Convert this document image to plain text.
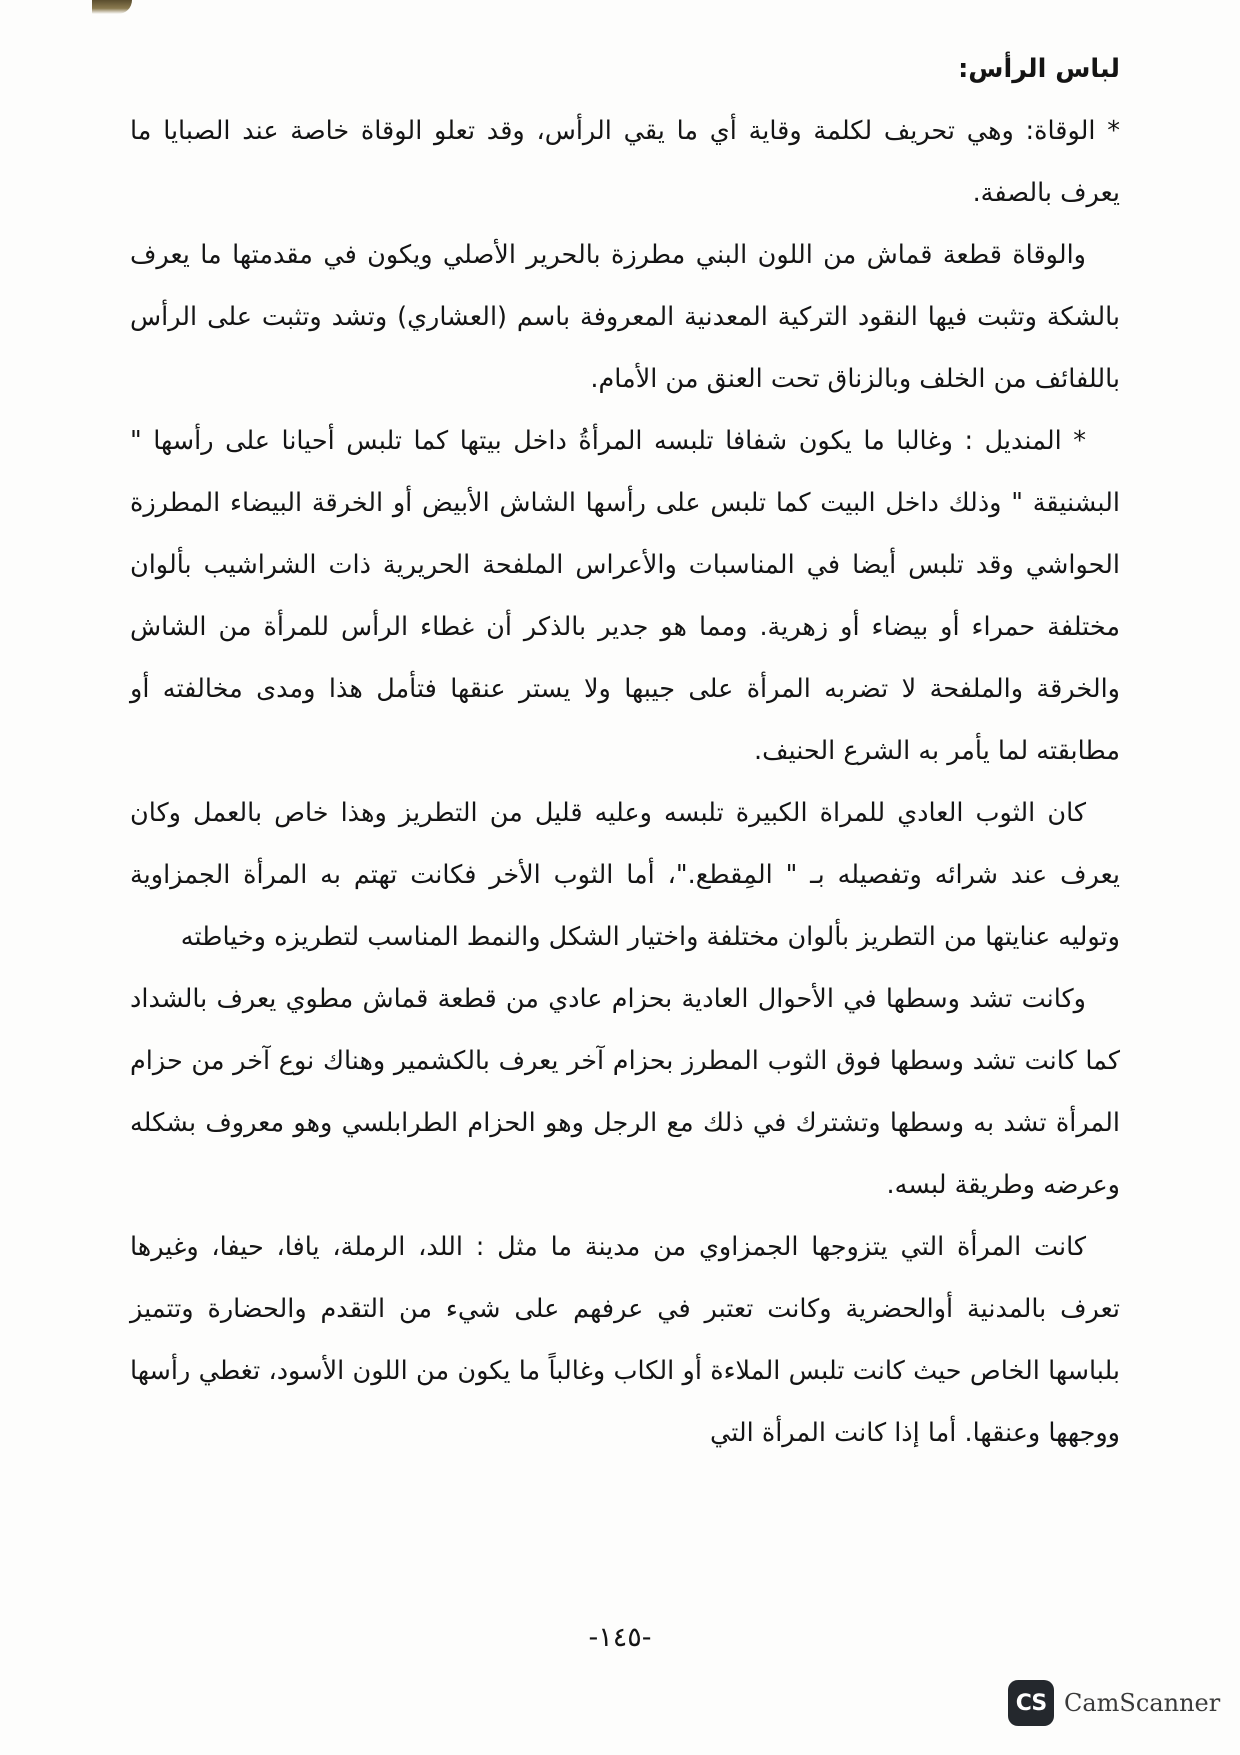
لباس الرأس:

* الوقاة: وهي تحريف لكلمة وقاية أي ما يقي الرأس، وقد تعلو الوقاة خاصة عند الصبايا ما يعرف بالصفة.

والوقاة قطعة قماش من اللون البني مطرزة بالحرير الأصلي ويكون في مقدمتها ما يعرف بالشكة وتثبت فيها النقود التركية المعدنية المعروفة باسم (العشاري) وتشد وتثبت على الرأس باللفائف من الخلف وبالزناق تحت العنق من الأمام.

* المنديل : وغالبا ما يكون شفافا تلبسه المرأةُ داخل بيتها كما تلبس أحيانا على رأسها " البشنيقة " وذلك داخل البيت كما تلبس على رأسها الشاش الأبيض أو الخرقة البيضاء المطرزة الحواشي وقد تلبس أيضا في المناسبات والأعراس الملفحة الحريرية ذات الشراشيب بألوان مختلفة حمراء أو بيضاء أو زهرية. ومما هو جدير بالذكر أن غطاء الرأس للمرأة من الشاش والخرقة والملفحة لا تضربه المرأة على جيبها ولا يستر عنقها فتأمل هذا ومدى مخالفته أو مطابقته لما يأمر به الشرع الحنيف.

كان الثوب العادي للمراة الكبيرة تلبسه وعليه قليل من التطريز وهذا خاص بالعمل وكان يعرف عند شرائه وتفصيله بـ " المِقطع."، أما الثوب الأخر فكانت تهتم به المرأة الجمزاوية وتوليه عنايتها من التطريز بألوان مختلفة واختيار الشكل والنمط المناسب لتطريزه وخياطته

وكانت تشد وسطها في الأحوال العادية بحزام عادي من قطعة قماش مطوي يعرف بالشداد كما كانت تشد وسطها فوق الثوب المطرز بحزام آخر يعرف بالكشمير وهناك نوع آخر من حزام المرأة تشد به وسطها وتشترك في ذلك مع الرجل وهو الحزام الطرابلسي وهو معروف بشكله وعرضه وطريقة لبسه.

كانت المرأة التي يتزوجها الجمزاوي من مدينة ما مثل : اللد، الرملة، يافا، حيفا، وغيرها تعرف بالمدنية أوالحضرية وكانت تعتبر في عرفهم على شيء من التقدم والحضارة وتتميز بلباسها الخاص حيث كانت تلبس الملاءة أو الكاب وغالباً ما يكون من اللون الأسود، تغطي رأسها ووجهها وعنقها. أما إذا كانت المرأة التي

-١٤٥-
CS CamScanner
